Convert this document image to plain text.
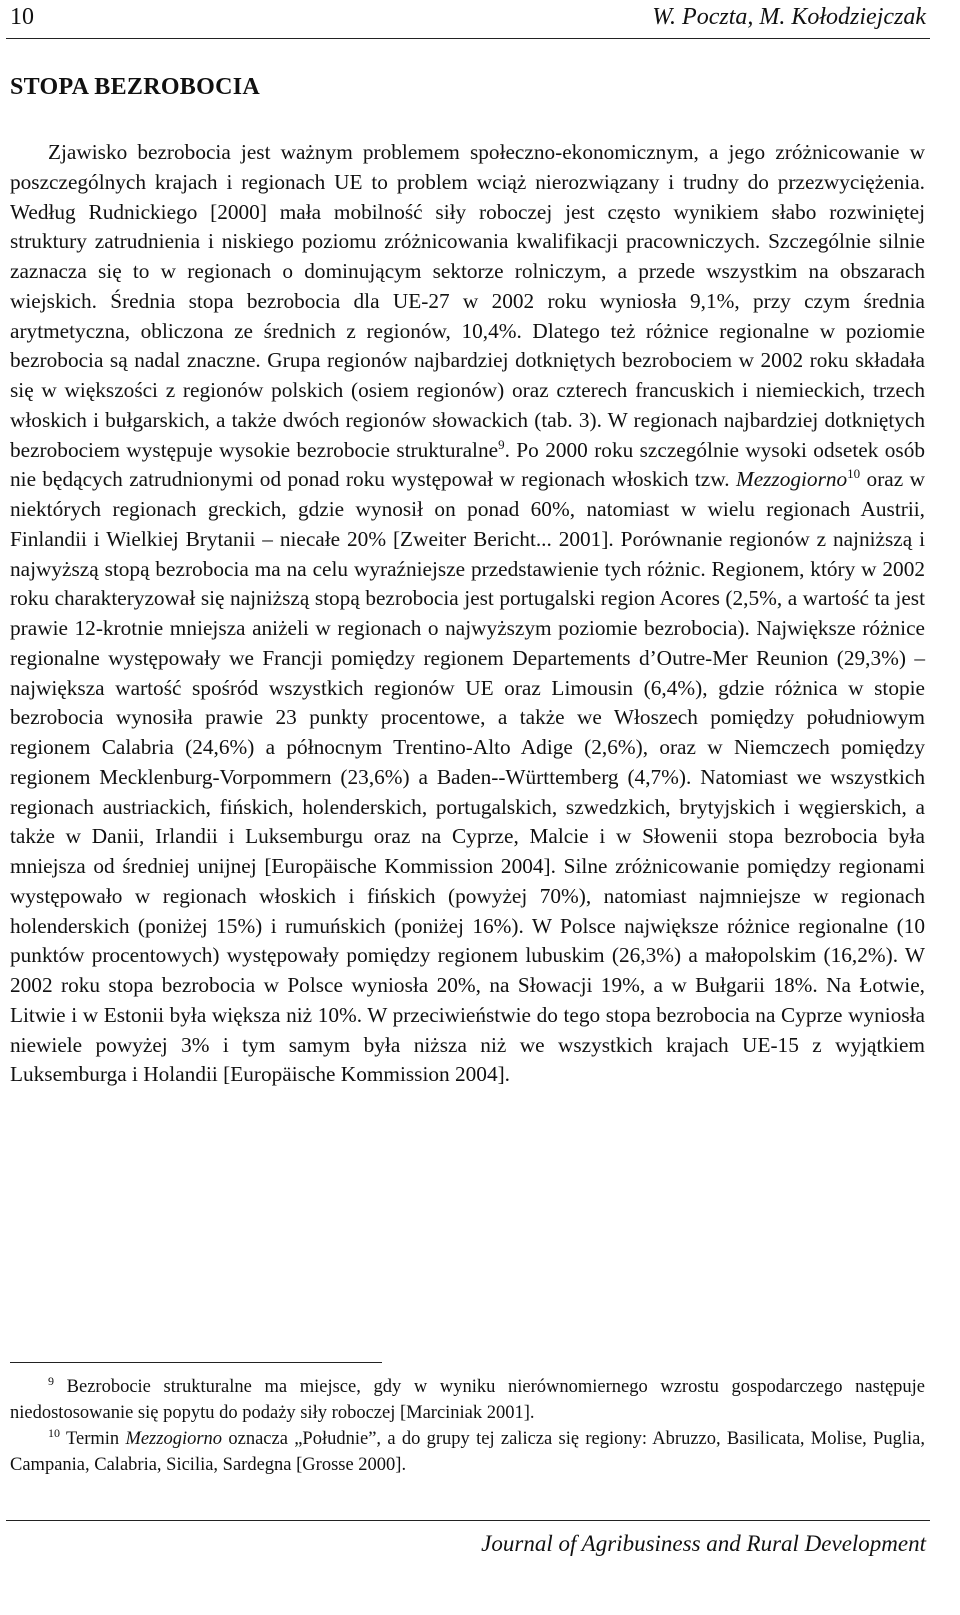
10	W. Poczta, M. Kołodziejczak
STOPA BEZROBOCIA

Zjawisko bezrobocia jest ważnym problemem społeczno-ekonomicznym, a jego zróżnicowanie w poszczególnych krajach i regionach UE to problem wciąż nierozwiązany i trudny do przezwyciężenia. Według Rudnickiego [2000] mała mobilność siły roboczej jest często wynikiem słabo rozwiniętej struktury zatrudnienia i niskiego poziomu zróżnicowania kwalifikacji pracowniczych. Szczególnie silnie zaznacza się to w regionach o dominującym sektorze rolniczym, a przede wszystkim na obszarach wiejskich. Średnia stopa bezrobocia dla UE-27 w 2002 roku wyniosła 9,1%, przy czym średnia arytmetyczna, obliczona ze średnich z regionów, 10,4%. Dlatego też różnice regionalne w poziomie bezrobocia są nadal znaczne. Grupa regionów najbardziej dotkniętych bezrobociem w 2002 roku składała się w większości z regionów polskich (osiem regionów) oraz czterech francuskich i niemieckich, trzech włoskich i bułgarskich, a także dwóch regionów słowackich (tab. 3). W regionach najbardziej dotkniętych bezrobociem występuje wysokie bezrobocie strukturalne$^9$. Po 2000 roku szczególnie wysoki odsetek osób nie będących zatrudnionymi od ponad roku występował w regionach włoskich tzw. Mezzogiorno$^{10}$ oraz w niektórych regionach greckich, gdzie wynosił on ponad 60%, natomiast w wielu regionach Austrii, Finlandii i Wielkiej Brytanii – niecałe 20% [Zweiter Bericht... 2001]. Porównanie regionów z najniższą i najwyższą stopą bezrobocia ma na celu wyraźniejsze przedstawienie tych różnic. Regionem, który w 2002 roku charakteryzował się najniższą stopą bezrobocia jest portugalski region Acores (2,5%, a wartość ta jest prawie 12-krotnie mniejsza aniżeli w regionach o najwyższym poziomie bezrobocia). Największe różnice regionalne występowały we Francji pomiędzy regionem Departements d’Outre-Mer Reunion (29,3%) – największa wartość spośród wszystkich regionów UE oraz Limousin (6,4%), gdzie różnica w stopie bezrobocia wynosiła prawie 23 punkty procentowe, a także we Włoszech pomiędzy południowym regionem Calabria (24,6%) a północnym Trentino-Alto Adige (2,6%), oraz w Niemczech pomiędzy regionem Mecklenburg-Vorpommern (23,6%) a Baden--Württemberg (4,7%). Natomiast we wszystkich regionach austriackich, fińskich, holenderskich, portugalskich, szwedzkich, brytyjskich i węgierskich, a także w Danii, Irlandii i Luksemburgu oraz na Cyprze, Malcie i w Słowenii stopa bezrobocia była mniejsza od średniej unijnej [Europäische Kommission 2004]. Silne zróżnicowanie pomiędzy regionami występowało w regionach włoskich i fińskich (powyżej 70%), natomiast najmniejsze w regionach holenderskich (poniżej 15%) i rumuńskich (poniżej 16%). W Polsce największe różnice regionalne (10 punktów procentowych) występowały pomiędzy regionem lubuskim (26,3%) a małopolskim (16,2%). W 2002 roku stopa bezrobocia w Polsce wyniosła 20%, na Słowacji 19%, a w Bułgarii 18%. Na Łotwie, Litwie i w Estonii była większa niż 10%. W przeciwieństwie do tego stopa bezrobocia na Cyprze wyniosła niewiele powyżej 3% i tym samym była niższa niż we wszystkich krajach UE-15 z wyjątkiem Luksemburga i Holandii [Europäische Kommission 2004].

$^9$ Bezrobocie strukturalne ma miejsce, gdy w wyniku nierównomiernego wzrostu gospodarczego następuje niedostosowanie się popytu do podaży siły roboczej [Marciniak 2001].

$^{10}$ Termin Mezzogiorno oznacza „Południe”, a do grupy tej zalicza się regiony: Abruzzo, Basilicata, Molise, Puglia, Campania, Calabria, Sicilia, Sardegna [Grosse 2000].

Journal of Agribusiness and Rural Development
